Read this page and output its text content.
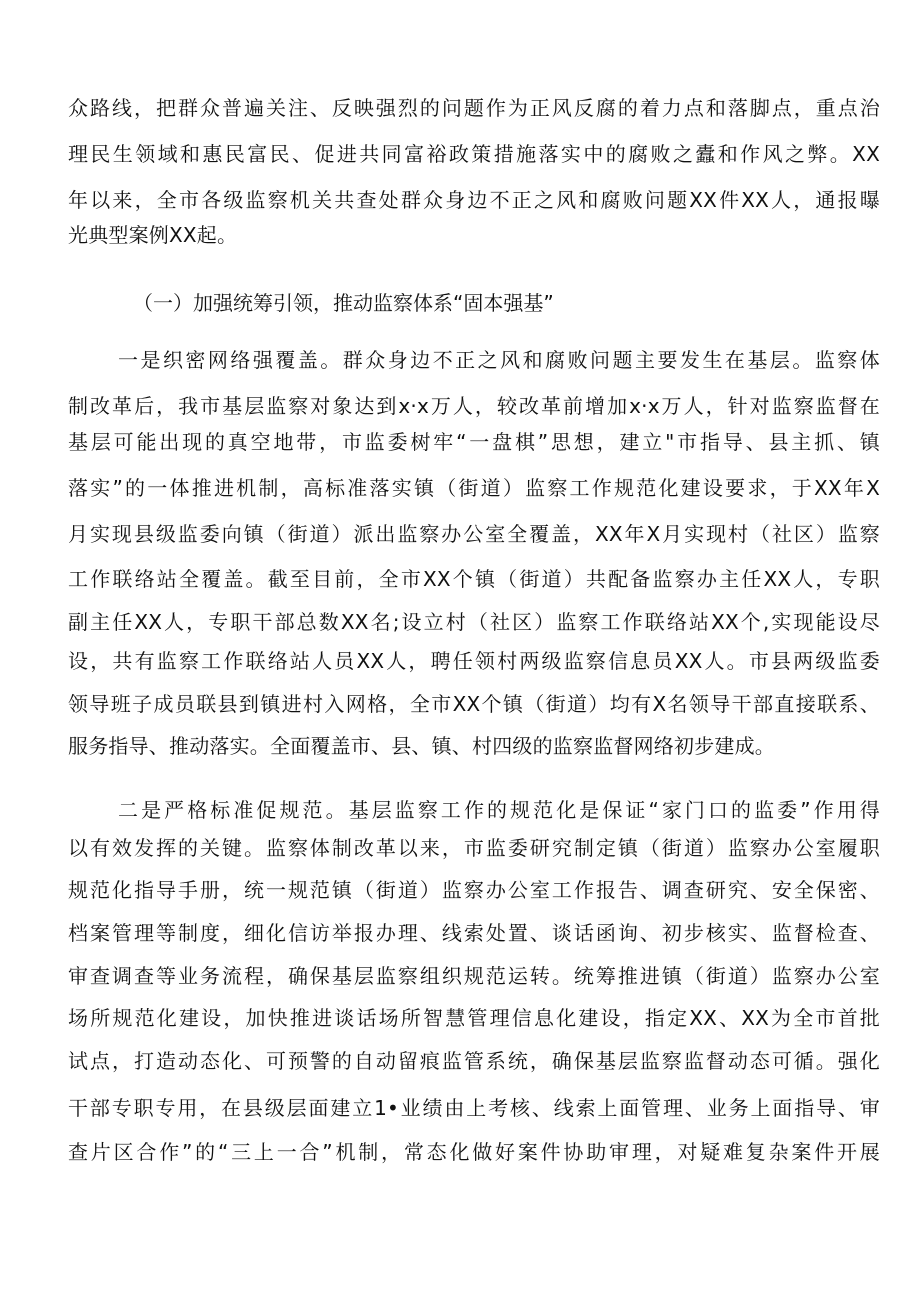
众路线，把群众普遍关注、反映强烈的问题作为正风反腐的着力点和落脚点，重点治
理民生领域和惠民富民、促进共同富裕政策措施落实中的腐败之蠹和作风之弊。XX
年以来，全市各级监察机关共查处群众身边不正之风和腐败问题XX件XX人，通报曝
光典型案例XX起。
（一）加强统筹引领，推动监察体系“固本强基”
一是织密网络强覆盖。群众身边不正之风和腐败问题主要发生在基层。监察体
制改革后，我市基层监察对象达到x·x万人，较改革前增加x·x万人，针对监察监督在
基层可能出现的真空地带，市监委树牢“一盘棋”思想，建立"市指导、县主抓、镇
落实”的一体推进机制，高标准落实镇（街道）监察工作规范化建设要求，于XX年X
月实现县级监委向镇（街道）派出监察办公室全覆盖，XX年X月实现村（社区）监察
工作联络站全覆盖。截至目前，全市XX个镇（街道）共配备监察办主任XX人，专职
副主任XX人，专职干部总数XX名;设立村（社区）监察工作联络站XX个,实现能设尽
设，共有监察工作联络站人员XX人，聘任领村两级监察信息员XX人。市县两级监委
领导班子成员联县到镇进村入网格，全市XX个镇（街道）均有X名领导干部直接联系、
服务指导、推动落实。全面覆盖市、县、镇、村四级的监察监督网络初步建成。
二是严格标准促规范。基层监察工作的规范化是保证“家门口的监委”作用得
以有效发挥的关键。监察体制改革以来，市监委研究制定镇（街道）监察办公室履职
规范化指导手册，统一规范镇（街道）监察办公室工作报告、调查研究、安全保密、
档案管理等制度，细化信访举报办理、线索处置、谈话函询、初步核实、监督检查、
审查调查等业务流程，确保基层监察组织规范运转。统筹推进镇（街道）监察办公室
场所规范化建设，加快推进谈话场所智慧管理信息化建设，指定XX、XX为全市首批
试点，打造动态化、可预警的自动留痕监管系统，确保基层监察监督动态可循。强化
干部专职专用，在县级层面建立1•业绩由上考核、线索上面管理、业务上面指导、审
查片区合作”的“三上一合”机制，常态化做好案件协助审理，对疑难复杂案件开展
